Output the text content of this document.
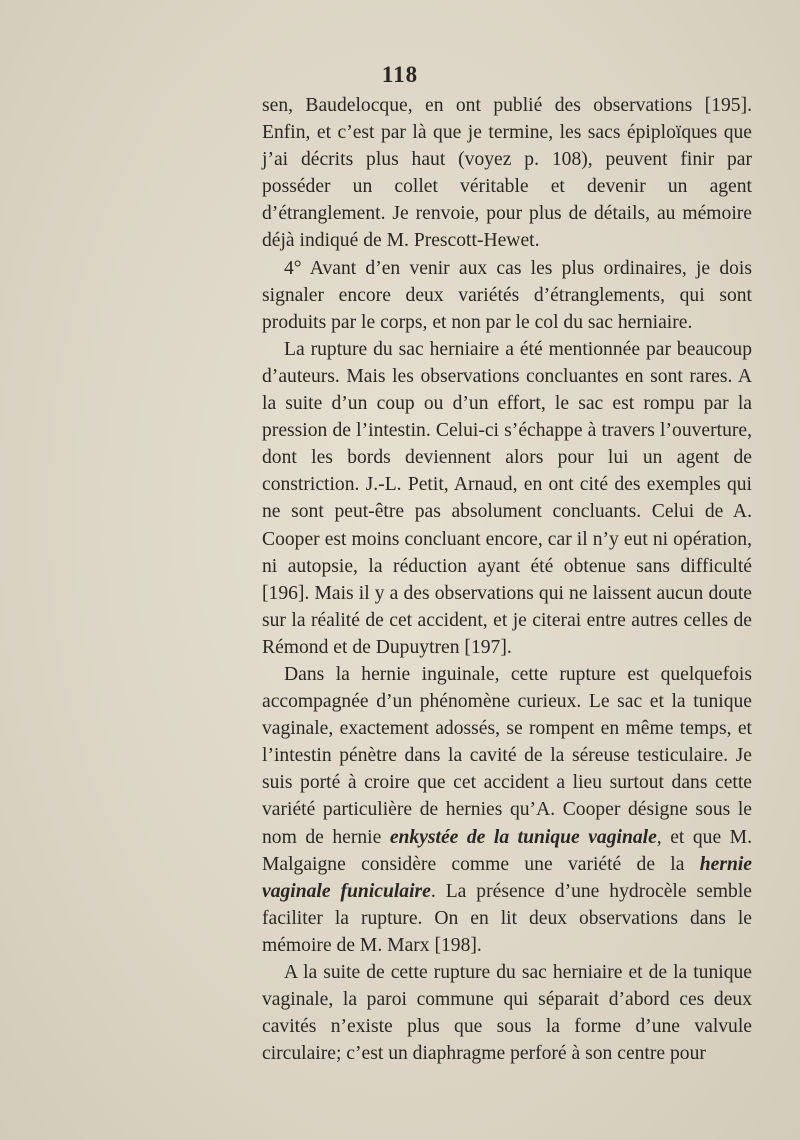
118

sen, Baudelocque, en ont publié des observations [195]. Enfin, et c’est par là que je termine, les sacs épiploïques que j’ai décrits plus haut (voyez p. 108), peuvent finir par posséder un collet véritable et devenir un agent d’étranglement. Je renvoie, pour plus de détails, au mémoire déjà indiqué de M. Prescott-Hewet.

4° Avant d’en venir aux cas les plus ordinaires, je dois signaler encore deux variétés d’étranglements, qui sont produits par le corps, et non par le col du sac herniaire.

La rupture du sac herniaire a été mentionnée par beaucoup d’auteurs. Mais les observations concluantes en sont rares. A la suite d’un coup ou d’un effort, le sac est rompu par la pression de l’intestin. Celui-ci s’échappe à travers l’ouverture, dont les bords deviennent alors pour lui un agent de constriction. J.-L. Petit, Arnaud, en ont cité des exemples qui ne sont peut-être pas absolument concluants. Celui de A. Cooper est moins concluant encore, car il n’y eut ni opération, ni autopsie, la réduction ayant été obtenue sans difficulté [196]. Mais il y a des observations qui ne laissent aucun doute sur la réalité de cet accident, et je citerai entre autres celles de Rémond et de Dupuytren [197].

Dans la hernie inguinale, cette rupture est quelquefois accompagnée d’un phénomène curieux. Le sac et la tunique vaginale, exactement adossés, se rompent en même temps, et l’intestin pénètre dans la cavité de la séreuse testiculaire. Je suis porté à croire que cet accident a lieu surtout dans cette variété particulière de hernies qu’A. Cooper désigne sous le nom de hernie enkystée de la tunique vaginale, et que M. Malgaigne considère comme une variété de la hernie vaginale funiculaire. La présence d’une hydrocèle semble faciliter la rupture. On en lit deux observations dans le mémoire de M. Marx [198].

A la suite de cette rupture du sac herniaire et de la tunique vaginale, la paroi commune qui séparait d’abord ces deux cavités n’existe plus que sous la forme d’une valvule circulaire; c’est un diaphragme perforé à son centre pour
